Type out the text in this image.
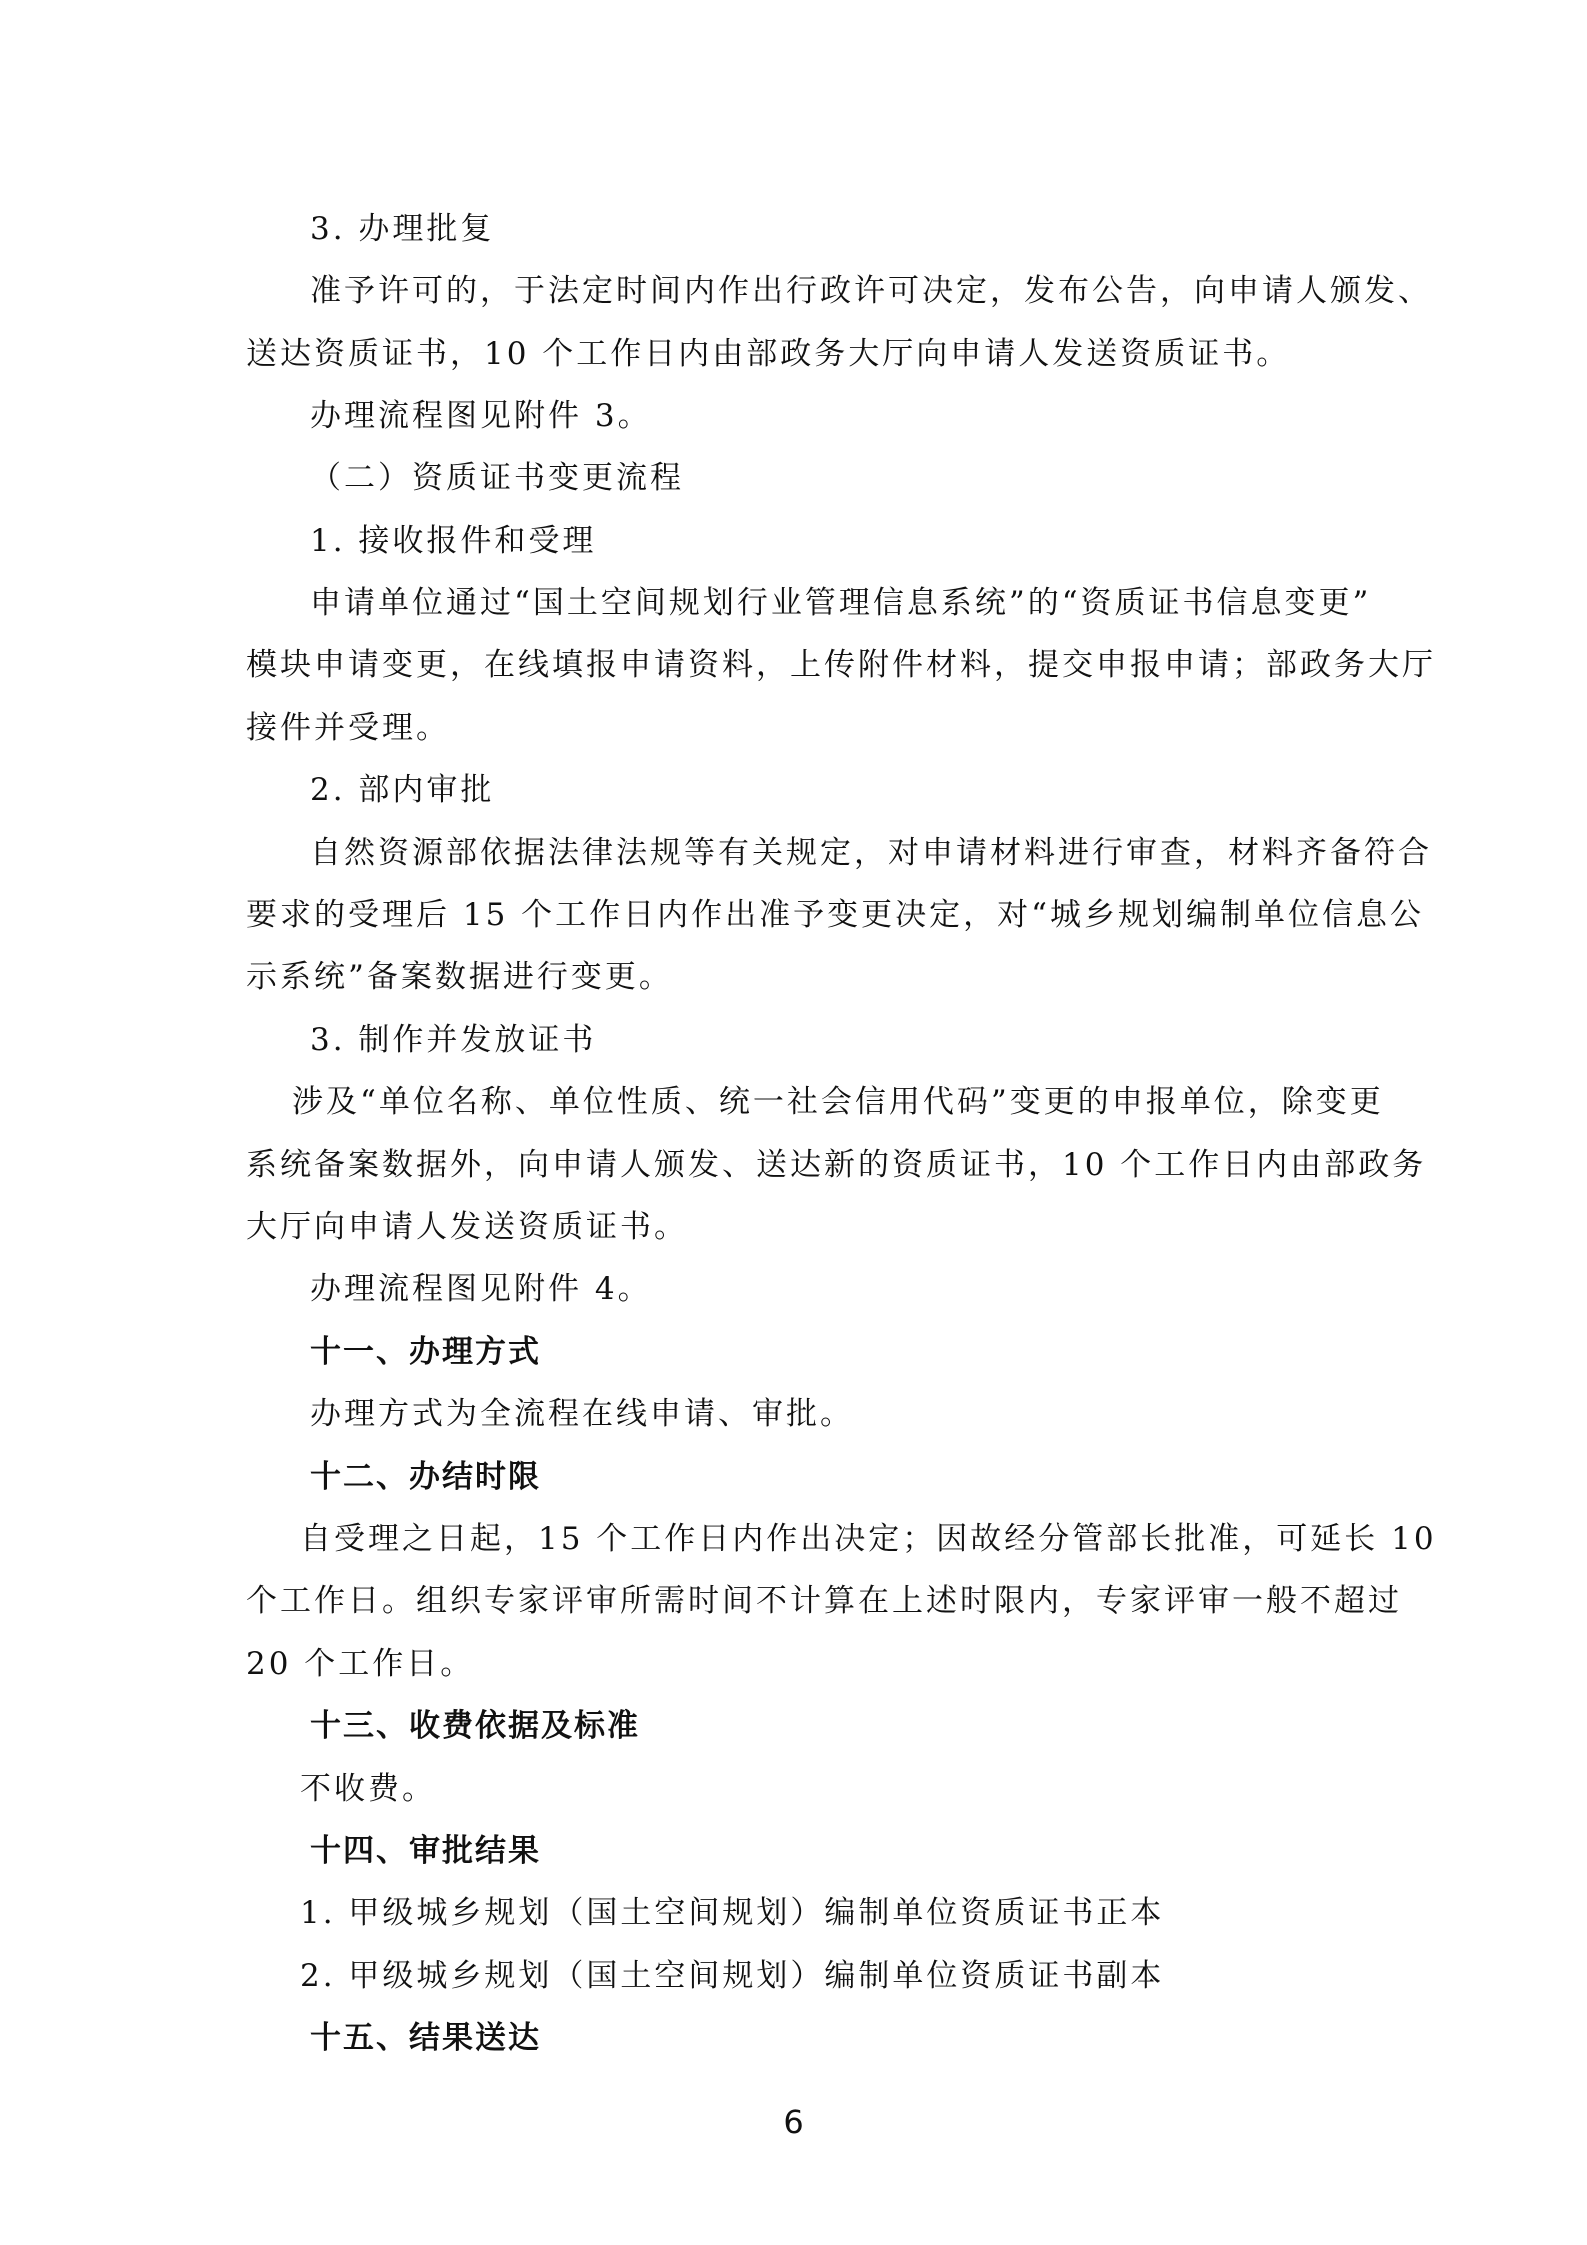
3. 办理批复
准予许可的，于法定时间内作出行政许可决定，发布公告，向申请人颁发、
送达资质证书，10 个工作日内由部政务大厅向申请人发送资质证书。
办理流程图见附件 3。
（二）资质证书变更流程
1. 接收报件和受理
申请单位通过“国土空间规划行业管理信息系统”的“资质证书信息变更”
模块申请变更，在线填报申请资料，上传附件材料，提交申报申请；部政务大厅
接件并受理。
2. 部内审批
自然资源部依据法律法规等有关规定，对申请材料进行审查，材料齐备符合
要求的受理后 15 个工作日内作出准予变更决定，对“城乡规划编制单位信息公
示系统”备案数据进行变更。
3. 制作并发放证书
涉及“单位名称、单位性质、统一社会信用代码”变更的申报单位，除变更
系统备案数据外，向申请人颁发、送达新的资质证书，10 个工作日内由部政务
大厅向申请人发送资质证书。
办理流程图见附件 4。
十一、办理方式
办理方式为全流程在线申请、审批。
十二、办结时限
自受理之日起，15 个工作日内作出决定；因故经分管部长批准，可延长 10
个工作日。组织专家评审所需时间不计算在上述时限内，专家评审一般不超过
20 个工作日。
十三、收费依据及标准
不收费。
十四、审批结果
1. 甲级城乡规划（国土空间规划）编制单位资质证书正本
2. 甲级城乡规划（国土空间规划）编制单位资质证书副本
十五、结果送达
6
